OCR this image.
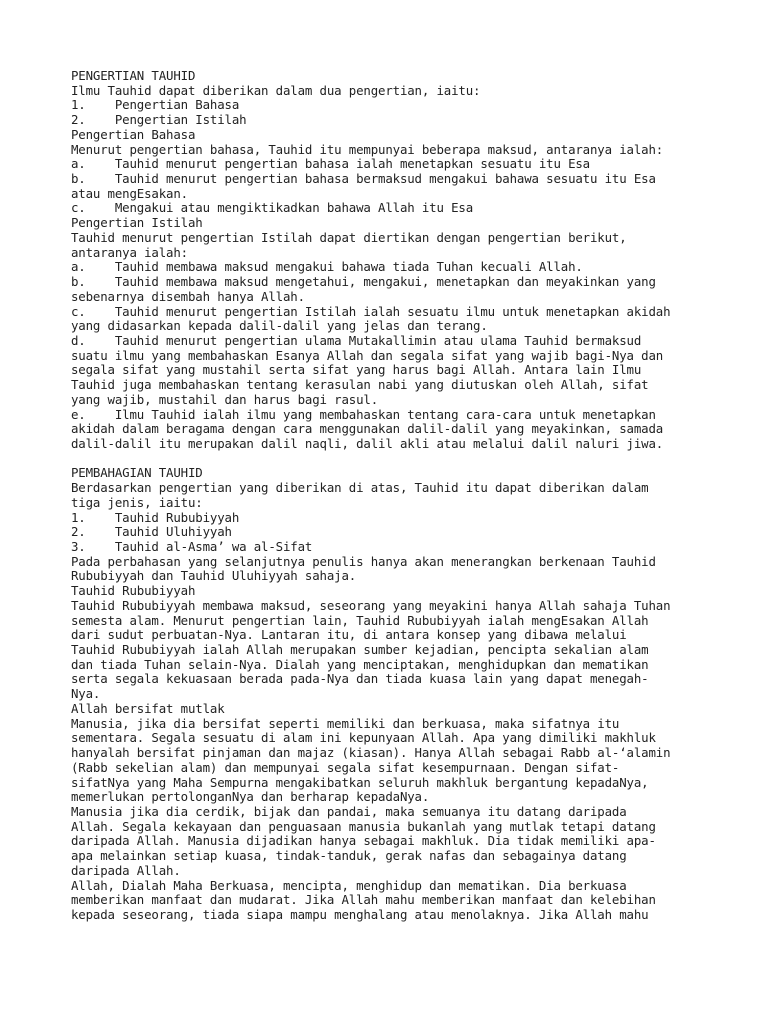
PENGERTIAN TAUHID
Ilmu Tauhid dapat diberikan dalam dua pengertian, iaitu:
1.    Pengertian Bahasa
2.    Pengertian Istilah
Pengertian Bahasa
Menurut pengertian bahasa, Tauhid itu mempunyai beberapa maksud, antaranya ialah:
a.    Tauhid menurut pengertian bahasa ialah menetapkan sesuatu itu Esa
b.    Tauhid menurut pengertian bahasa bermaksud mengakui bahawa sesuatu itu Esa
atau mengEsakan.
c.    Mengakui atau mengiktikadkan bahawa Allah itu Esa
Pengertian Istilah
Tauhid menurut pengertian Istilah dapat diertikan dengan pengertian berikut,
antaranya ialah:
a.    Tauhid membawa maksud mengakui bahawa tiada Tuhan kecuali Allah.
b.    Tauhid membawa maksud mengetahui, mengakui, menetapkan dan meyakinkan yang
sebenarnya disembah hanya Allah.
c.    Tauhid menurut pengertian Istilah ialah sesuatu ilmu untuk menetapkan akidah
yang didasarkan kepada dalil-dalil yang jelas dan terang.
d.    Tauhid menurut pengertian ulama Mutakallimin atau ulama Tauhid bermaksud
suatu ilmu yang membahaskan Esanya Allah dan segala sifat yang wajib bagi-Nya dan
segala sifat yang mustahil serta sifat yang harus bagi Allah. Antara lain Ilmu
Tauhid juga membahaskan tentang kerasulan nabi yang diutuskan oleh Allah, sifat
yang wajib, mustahil dan harus bagi rasul.
e.    Ilmu Tauhid ialah ilmu yang membahaskan tentang cara-cara untuk menetapkan
akidah dalam beragama dengan cara menggunakan dalil-dalil yang meyakinkan, samada
dalil-dalil itu merupakan dalil naqli, dalil akli atau melalui dalil naluri jiwa.
PEMBAHAGIAN TAUHID
Berdasarkan pengertian yang diberikan di atas, Tauhid itu dapat diberikan dalam
tiga jenis, iaitu:
1.    Tauhid Rububiyyah
2.    Tauhid Uluhiyyah
3.    Tauhid al-Asma’ wa al-Sifat
Pada perbahasan yang selanjutnya penulis hanya akan menerangkan berkenaan Tauhid
Rububiyyah dan Tauhid Uluhiyyah sahaja.
Tauhid Rububiyyah
Tauhid Rububiyyah membawa maksud, seseorang yang meyakini hanya Allah sahaja Tuhan
semesta alam. Menurut pengertian lain, Tauhid Rububiyyah ialah mengEsakan Allah
dari sudut perbuatan-Nya. Lantaran itu, di antara konsep yang dibawa melalui
Tauhid Rububiyyah ialah Allah merupakan sumber kejadian, pencipta sekalian alam
dan tiada Tuhan selain-Nya. Dialah yang menciptakan, menghidupkan dan mematikan
serta segala kekuasaan berada pada-Nya dan tiada kuasa lain yang dapat menegah-
Nya.
Allah bersifat mutlak
Manusia, jika dia bersifat seperti memiliki dan berkuasa, maka sifatnya itu
sementara. Segala sesuatu di alam ini kepunyaan Allah. Apa yang dimiliki makhluk
hanyalah bersifat pinjaman dan majaz (kiasan). Hanya Allah sebagai Rabb al-‘alamin
(Rabb sekelian alam) dan mempunyai segala sifat kesempurnaan. Dengan sifat-
sifatNya yang Maha Sempurna mengakibatkan seluruh makhluk bergantung kepadaNya,
memerlukan pertolonganNya dan berharap kepadaNya.
Manusia jika dia cerdik, bijak dan pandai, maka semuanya itu datang daripada
Allah. Segala kekayaan dan penguasaan manusia bukanlah yang mutlak tetapi datang
daripada Allah. Manusia dijadikan hanya sebagai makhluk. Dia tidak memiliki apa-
apa melainkan setiap kuasa, tindak-tanduk, gerak nafas dan sebagainya datang
daripada Allah.
Allah, Dialah Maha Berkuasa, mencipta, menghidup dan mematikan. Dia berkuasa
memberikan manfaat dan mudarat. Jika Allah mahu memberikan manfaat dan kelebihan
kepada seseorang, tiada siapa mampu menghalang atau menolaknya. Jika Allah mahu
